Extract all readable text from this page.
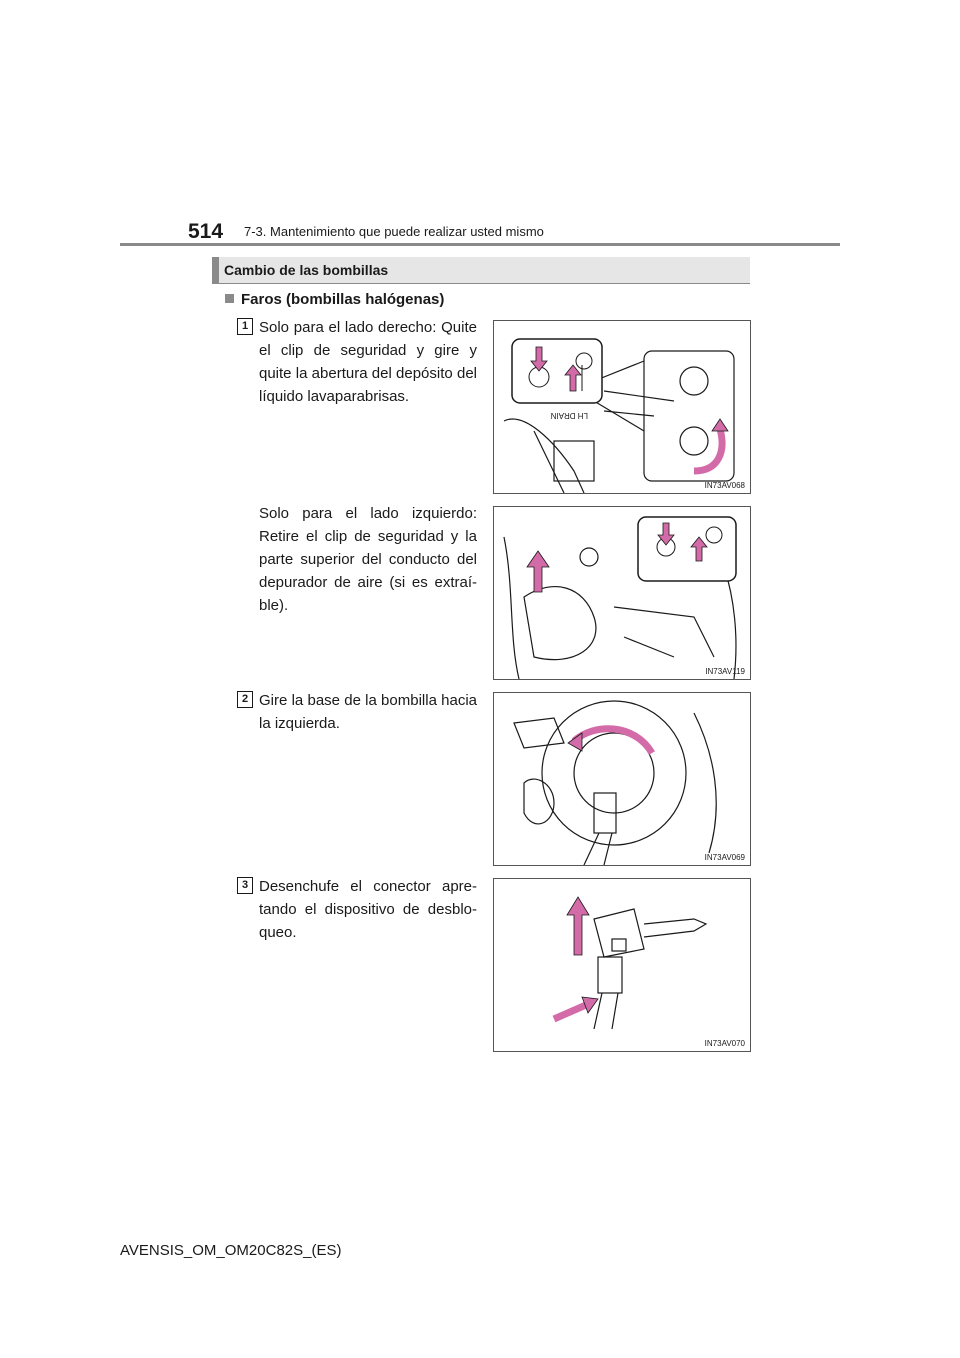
514 7-3. Mantenimiento que puede realizar usted mismo
Cambio de las bombillas
Faros (bombillas halógenas)
1 Solo para el lado derecho: Quite el clip de seguridad y gire y quite la abertura del depósito del líquido lavaparabrisas.
Solo para el lado izquierdo: Retire el clip de seguridad y la parte superior del conducto del depurador de aire (si es extraí-ble).
2 Gire la base de la bombilla hacia la izquierda.
3 Desenchufe el conector apre-tando el dispositivo de desblo-queo.
LH DRAIN
IN73AV068
IN73AV119
IN73AV069
IN73AV070
AVENSIS_OM_OM20C82S_(ES)
